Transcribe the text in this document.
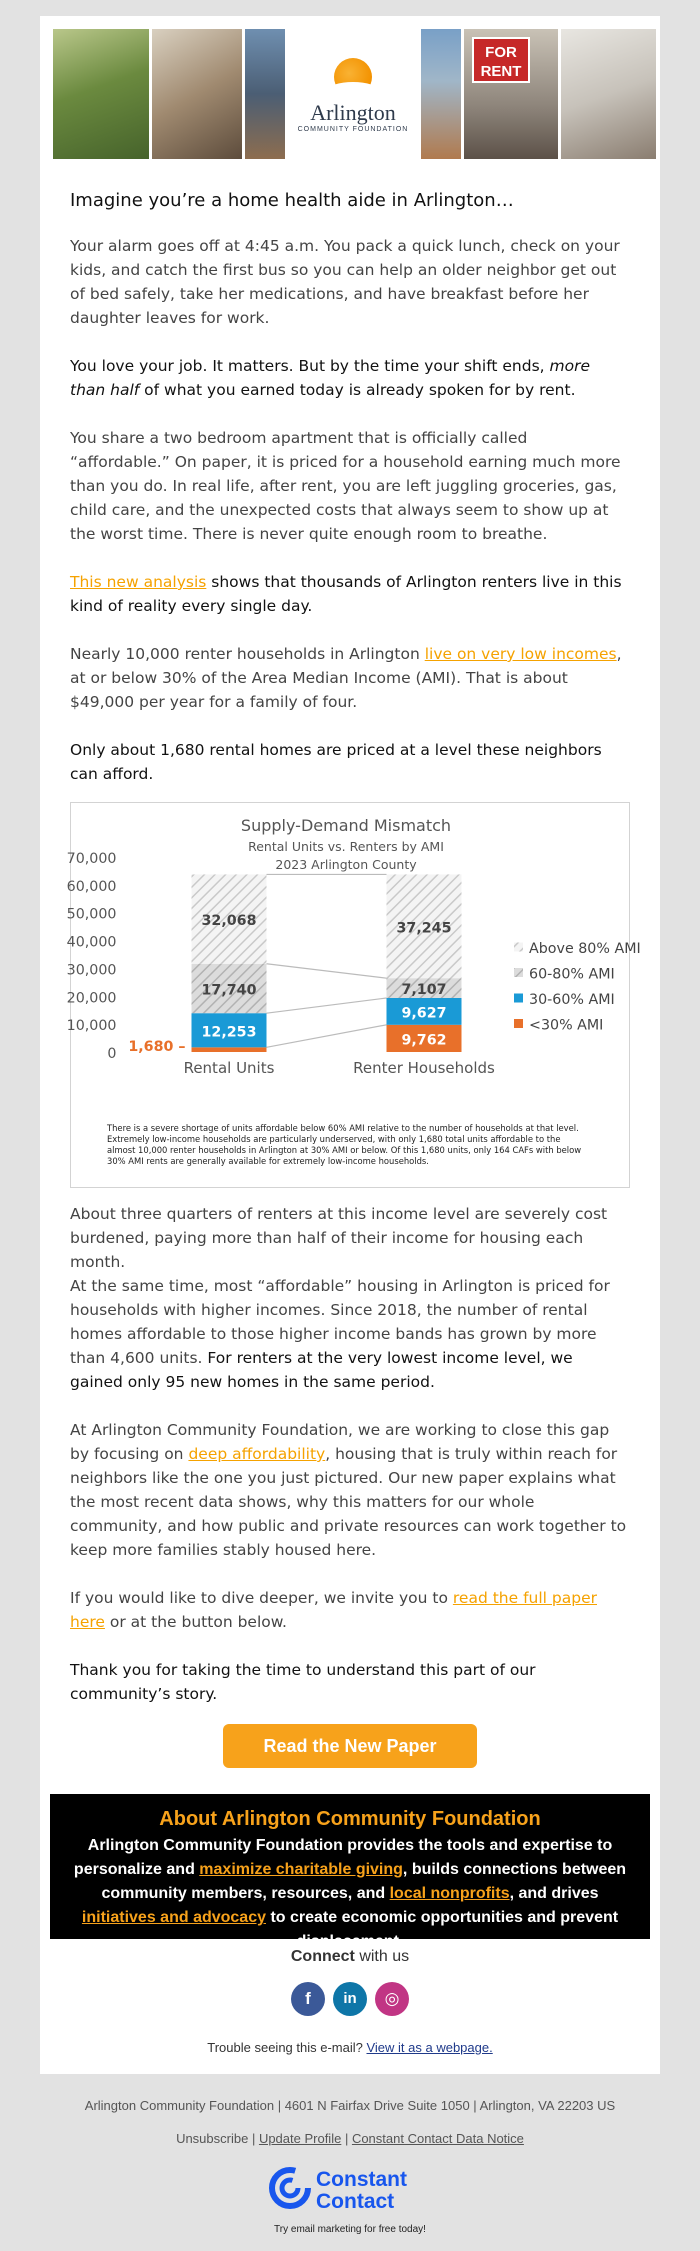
Arlington
COMMUNITY FOUNDATION
FOR RENT
Imagine you’re a home health aide in Arlington…
Your alarm goes off at 4:45 a.m. You pack a quick lunch, check on your kids, and catch the first bus so you can help an older neighbor get out of bed safely, take her medications, and have breakfast before her daughter leaves for work.
You love your job. It matters. But by the time your shift ends, more than half of what you earned today is already spoken for by rent.
You share a two bedroom apartment that is officially called “affordable.” On paper, it is priced for a household earning much more than you do. In real life, after rent, you are left juggling groceries, gas, child care, and the unexpected costs that always seem to show up at the worst time. There is never quite enough room to breathe.
This new analysis shows that thousands of Arlington renters live in this kind of reality every single day.
Nearly 10,000 renter households in Arlington live on very low incomes, at or below 30% of the Area Median Income (AMI). That is about $49,000 per year for a family of four.
Only about 1,680 rental homes are priced at a level these neighbors can afford.
Supply-Demand Mismatch
Rental Units vs. Renters by AMI
2023 Arlington County
0
10,000
20,000
30,000
40,000
50,000
60,000
70,000
12,253
17,740
32,068
Rental Units
9,762
9,627
7,107
37,245
Renter Households
1,680 –
Above 80% AMI
60-80% AMI
30-60% AMI
<30% AMI
There is a severe shortage of units affordable below 60% AMI relative to the number of households at that level. Extremely low-income households are particularly underserved, with only 1,680 total units affordable to the almost 10,000 renter households in Arlington at 30% AMI or below. Of this 1,680 units, only 164 CAFs with below 30% AMI rents are generally available for extremely low-income households.
About three quarters of renters at this income level are severely cost burdened, paying more than half of their income for housing each month.
At the same time, most “affordable” housing in Arlington is priced for households with higher incomes. Since 2018, the number of rental homes affordable to those higher income bands has grown by more than 4,600 units. For renters at the very lowest income level, we gained only 95 new homes in the same period.
At Arlington Community Foundation, we are working to close this gap by focusing on deep affordability, housing that is truly within reach for neighbors like the one you just pictured. Our new paper explains what the most recent data shows, why this matters for our whole community, and how public and private resources can work together to keep more families stably housed here.
If you would like to dive deeper, we invite you to read the full paper here or at the button below.
Thank you for taking the time to understand this part of our community’s story.
Read the New Paper
About Arlington Community Foundation
Arlington Community Foundation provides the tools and expertise to personalize and maximize charitable giving, builds connections between community members, resources, and local nonprofits, and drives initiatives and advocacy to create economic opportunities and prevent displacement.
Connect with us
f	in	◎
Trouble seeing this e-mail? View it as a webpage.
Arlington Community Foundation | 4601 N Fairfax Drive Suite 1050 | Arlington, VA 22203 US
Unsubscribe | Update Profile | Constant Contact Data Notice
Constant
Contact
Try email marketing for free today!
